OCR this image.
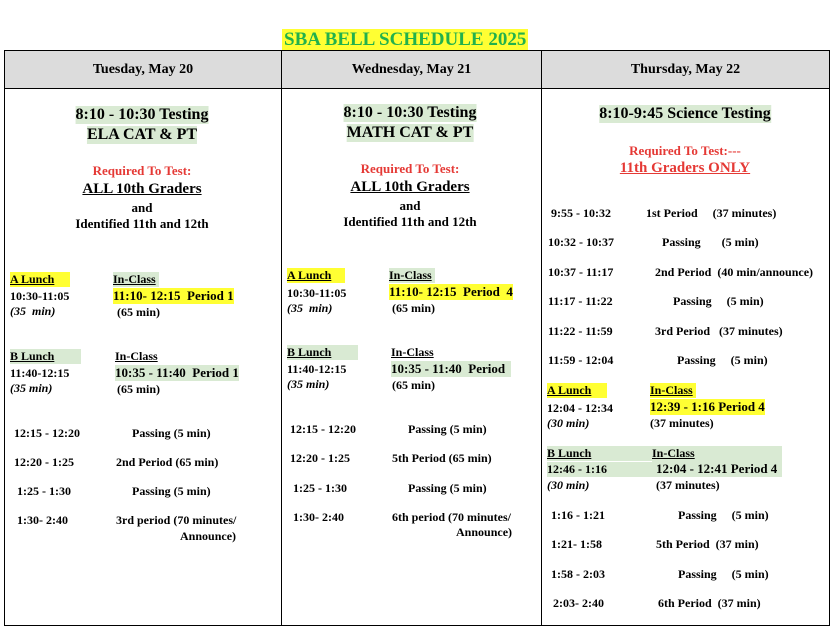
SBA BELL SCHEDULE 2025
Tuesday, May 20	Wednesday, May 21	Thursday, May 22
8:10 - 10:30 Testing
ELA CAT & PT
Required To Test:
ALL 10th Graders
and
Identified 11th and 12th
A Lunch
10:30-11:05
(35  min)
In-Class
11:10- 12:15  Period 1
(65 min)
B Lunch
11:40-12:15
(35 min)
In-Class
10:35 - 11:40  Period 1
(65 min)
12:15 - 12:20	Passing (5 min)
12:20 - 1:25	2nd Period (65 min)
1:25 - 1:30	Passing (5 min)
1:30- 2:40	3rd period (70 minutes/
Announce)
8:10 - 10:30 Testing
MATH CAT & PT
Required To Test:
ALL 10th Graders
and
Identified 11th and 12th
A Lunch
10:30-11:05
(35  min)
In-Class
11:10- 12:15  Period  4
(65 min)
B Lunch
11:40-12:15
(35 min)
In-Class
10:35 - 11:40  Period
(65 min)
12:15 - 12:20	Passing (5 min)
12:20 - 1:25	5th Period (65 min)
1:25 - 1:30	Passing (5 min)
1:30- 2:40	6th period (70 minutes/
Announce)
8:10-9:45 Science Testing
Required To Test:---
11th Graders ONLY
9:55 - 10:32	1st Period     (37 minutes)
10:32 - 10:37	Passing       (5 min)
10:37 - 11:17	2nd Period  (40 min/announce)
11:17 - 11:22	Passing     (5 min)
11:22 - 11:59	3rd Period   (37 minutes)
11:59 - 12:04	Passing     (5 min)
A Lunch
12:04 - 12:34
(30 min)
In-Class
12:39 - 1:16 Period 4
(37 minutes)
B Lunch
12:46 - 1:16
(30 min)
In-Class
12:04 - 12:41 Period 4
(37 minutes)
1:16 - 1:21	Passing     (5 min)
1:21- 1:58	5th Period  (37 min)
1:58 - 2:03	Passing     (5 min)
2:03- 2:40	6th Period  (37 min)
